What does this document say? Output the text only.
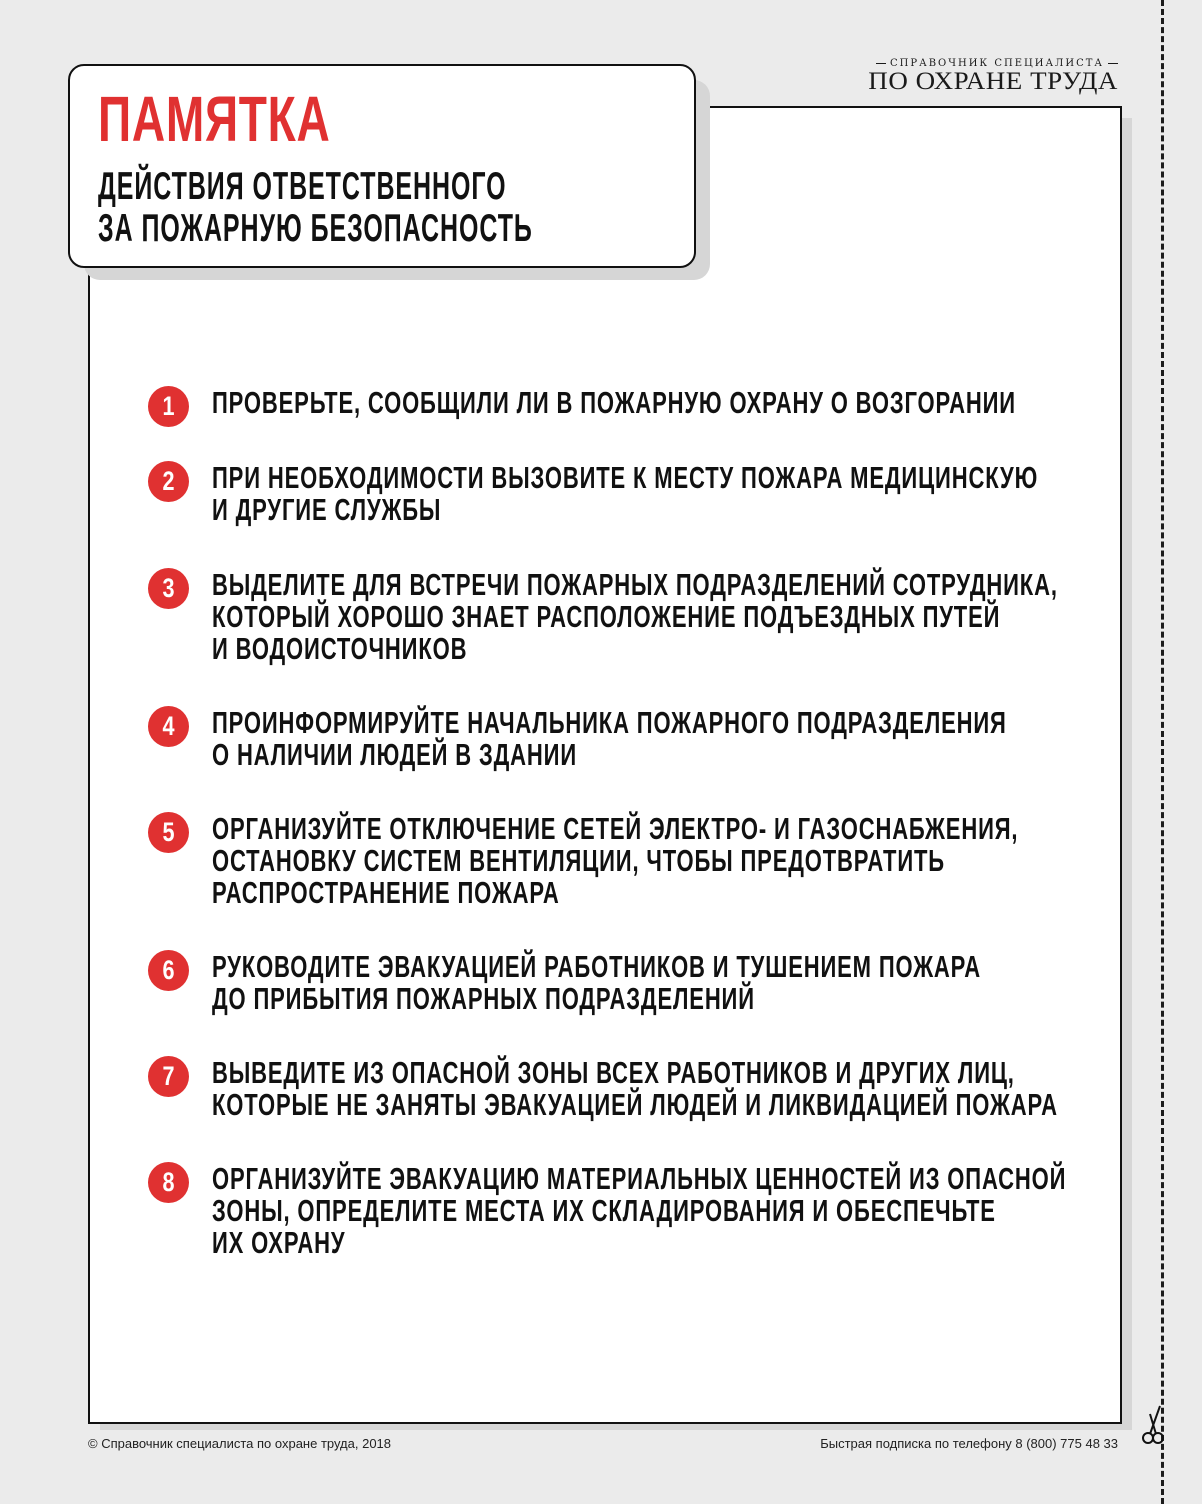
СПРАВОЧНИК СПЕЦИАЛИСТА
ПО ОХРАНЕ ТРУДА
ПАМЯТКА
ДЕЙСТВИЯ ОТВЕТСТВЕННОГО
ЗА ПОЖАРНУЮ БЕЗОПАСНОСТЬ
1	ПРОВЕРЬТЕ, СООБЩИЛИ ЛИ В ПОЖАРНУЮ ОХРАНУ О ВОЗГОРАНИИ
2	ПРИ НЕОБХОДИМОСТИ ВЫЗОВИТЕ К МЕСТУ ПОЖАРА МЕДИЦИНСКУЮ
И ДРУГИЕ СЛУЖБЫ
3	ВЫДЕЛИТЕ ДЛЯ ВСТРЕЧИ ПОЖАРНЫХ ПОДРАЗДЕЛЕНИЙ СОТРУДНИКА,
КОТОРЫЙ ХОРОШО ЗНАЕТ РАСПОЛОЖЕНИЕ ПОДЪЕЗДНЫХ ПУТЕЙ
И ВОДОИСТОЧНИКОВ
4	ПРОИНФОРМИРУЙТЕ НАЧАЛЬНИКА ПОЖАРНОГО ПОДРАЗДЕЛЕНИЯ
О НАЛИЧИИ ЛЮДЕЙ В ЗДАНИИ
5	ОРГАНИЗУЙТЕ ОТКЛЮЧЕНИЕ СЕТЕЙ ЭЛЕКТРО- И ГАЗОСНАБЖЕНИЯ,
ОСТАНОВКУ СИСТЕМ ВЕНТИЛЯЦИИ, ЧТОБЫ ПРЕДОТВРАТИТЬ
РАСПРОСТРАНЕНИЕ ПОЖАРА
6	РУКОВОДИТЕ ЭВАКУАЦИЕЙ РАБОТНИКОВ И ТУШЕНИЕМ ПОЖАРА
ДО ПРИБЫТИЯ ПОЖАРНЫХ ПОДРАЗДЕЛЕНИЙ
7	ВЫВЕДИТЕ ИЗ ОПАСНОЙ ЗОНЫ ВСЕХ РАБОТНИКОВ И ДРУГИХ ЛИЦ,
КОТОРЫЕ НЕ ЗАНЯТЫ ЭВАКУАЦИЕЙ ЛЮДЕЙ И ЛИКВИДАЦИЕЙ ПОЖАРА
8	ОРГАНИЗУЙТЕ ЭВАКУАЦИЮ МАТЕРИАЛЬНЫХ ЦЕННОСТЕЙ ИЗ ОПАСНОЙ
ЗОНЫ, ОПРЕДЕЛИТЕ МЕСТА ИХ СКЛАДИРОВАНИЯ И ОБЕСПЕЧЬТЕ
ИХ ОХРАНУ
© Справочник специалиста по охране труда, 2018	Быстрая подписка по телефону 8 (800) 775 48 33
